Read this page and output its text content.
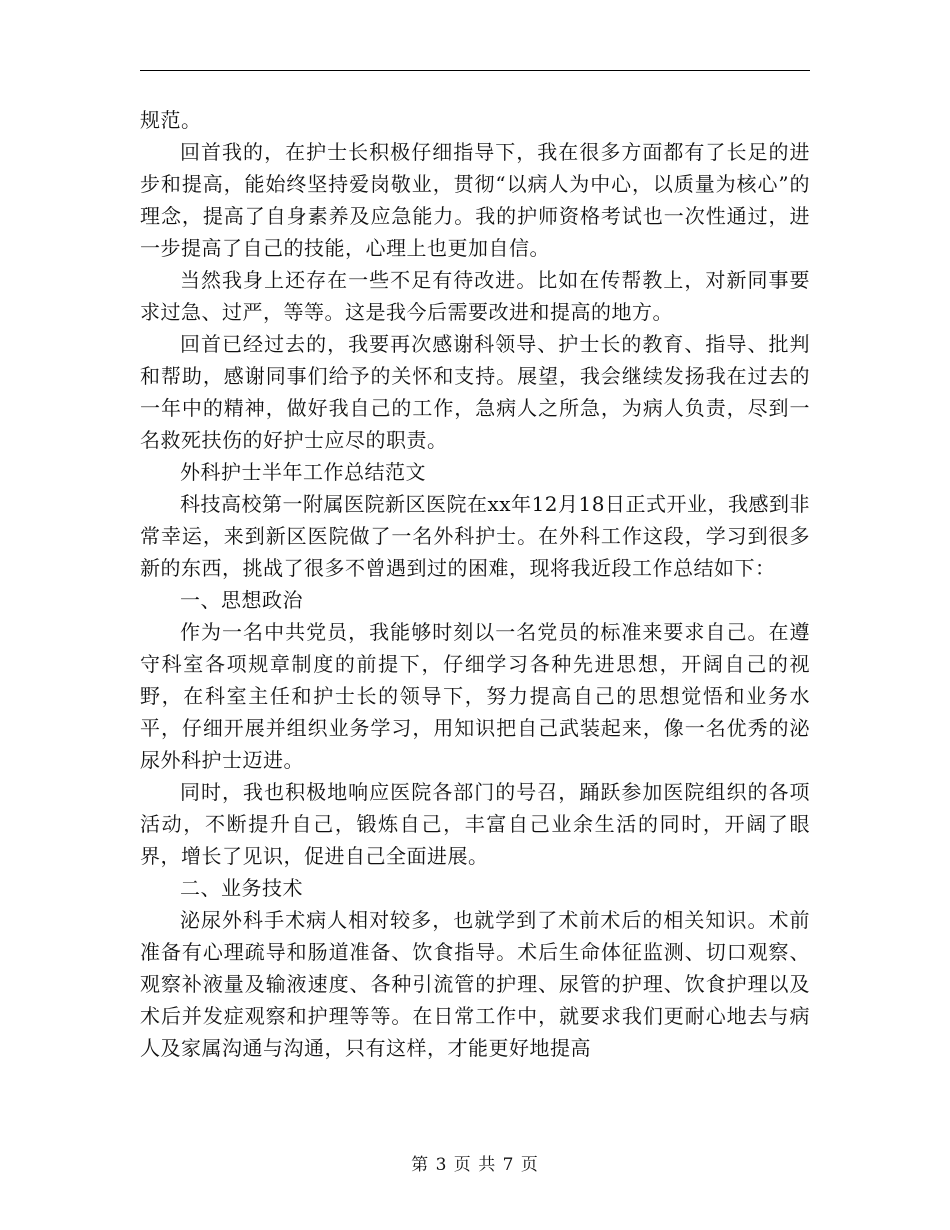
规范。

回首我的，在护士长积极仔细指导下，我在很多方面都有了长足的进步和提高，能始终坚持爱岗敬业，贯彻“以病人为中心，以质量为核心”的理念，提高了自身素养及应急能力。我的护师资格考试也一次性通过，进一步提高了自己的技能，心理上也更加自信。

当然我身上还存在一些不足有待改进。比如在传帮教上，对新同事要求过急、过严，等等。这是我今后需要改进和提高的地方。

回首已经过去的，我要再次感谢科领导、护士长的教育、指导、批判和帮助，感谢同事们给予的关怀和支持。展望，我会继续发扬我在过去的一年中的精神，做好我自己的工作，急病人之所急，为病人负责，尽到一名救死扶伤的好护士应尽的职责。

外科护士半年工作总结范文

科技高校第一附属医院新区医院在xx年12月18日正式开业，我感到非常幸运，来到新区医院做了一名外科护士。在外科工作这段，学习到很多新的东西，挑战了很多不曾遇到过的困难，现将我近段工作总结如下：

一、思想政治

作为一名中共党员，我能够时刻以一名党员的标准来要求自己。在遵守科室各项规章制度的前提下，仔细学习各种先进思想，开阔自己的视野，在科室主任和护士长的领导下，努力提高自己的思想觉悟和业务水平，仔细开展并组织业务学习，用知识把自己武装起来，像一名优秀的泌尿外科护士迈进。

同时，我也积极地响应医院各部门的号召，踊跃参加医院组织的各项活动，不断提升自己，锻炼自己，丰富自己业余生活的同时，开阔了眼界，增长了见识，促进自己全面进展。

二、业务技术

泌尿外科手术病人相对较多，也就学到了术前术后的相关知识。术前准备有心理疏导和肠道准备、饮食指导。术后生命体征监测、切口观察、观察补液量及输液速度、各种引流管的护理、尿管的护理、饮食护理以及术后并发症观察和护理等等。在日常工作中，就要求我们更耐心地去与病人及家属沟通与沟通，只有这样，才能更好地提高

第 3 页 共 7 页
